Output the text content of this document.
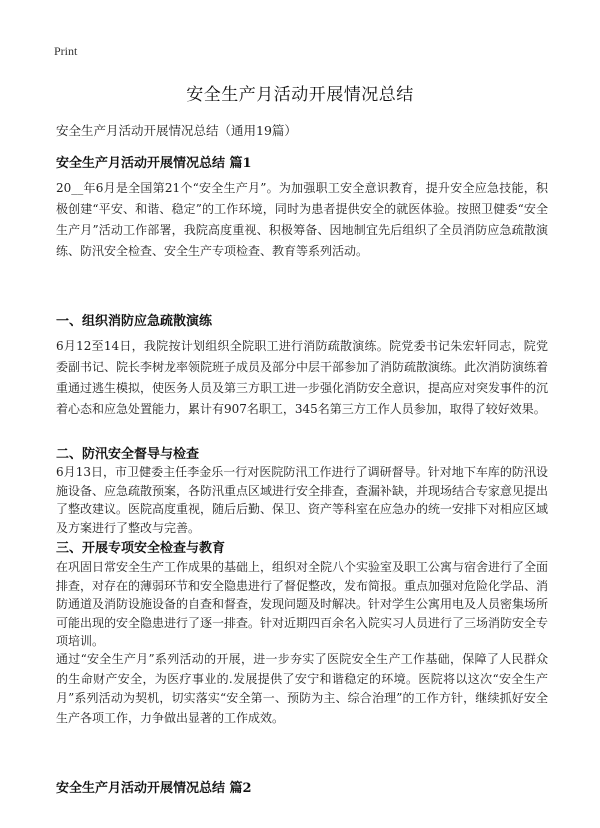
Print
安全生产月活动开展情况总结
安全生产月活动开展情况总结（通用19篇）
安全生产月活动开展情况总结 篇1

20__年6月是全国第21个“安全生产月”。为加强职工安全意识教育，提升安全应急技能，积极创建“平安、和谐、稳定”的工作环境，同时为患者提供安全的就医体验。按照卫健委“安全生产月”活动工作部署，我院高度重视、积极筹备、因地制宜先后组织了全员消防应急疏散演练、防汛安全检查、安全生产专项检查、教育等系列活动。

一、组织消防应急疏散演练

6月12至14日，我院按计划组织全院职工进行消防疏散演练。院党委书记朱宏轩同志，院党委副书记、院长李树龙率领院班子成员及部分中层干部参加了消防疏散演练。此次消防演练着重通过逃生模拟，使医务人员及第三方职工进一步强化消防安全意识，提高应对突发事件的沉着心态和应急处置能力，累计有907名职工，345名第三方工作人员参加，取得了较好效果。

二、防汛安全督导与检查

6月13日，市卫健委主任李金乐一行对医院防汛工作进行了调研督导。针对地下车库的防汛设施设备、应急疏散预案，各防汛重点区域进行安全排查，查漏补缺，并现场结合专家意见提出了整改建议。医院高度重视，随后后勤、保卫、资产等科室在应急办的统一安排下对相应区域及方案进行了整改与完善。

三、开展专项安全检查与教育

在巩固日常安全生产工作成果的基础上，组织对全院八个实验室及职工公寓与宿舍进行了全面排查，对存在的薄弱环节和安全隐患进行了督促整改，发布简报。重点加强对危险化学品、消防通道及消防设施设备的自查和督查，发现问题及时解决。针对学生公寓用电及人员密集场所可能出现的安全隐患进行了逐一排查。针对近期四百余名入院实习人员进行了三场消防安全专项培训。

通过“安全生产月”系列活动的开展，进一步夯实了医院安全生产工作基础，保障了人民群众的生命财产安全，为医疗事业的.发展提供了安宁和谐稳定的环境。医院将以这次“安全生产月”系列活动为契机，切实落实“安全第一、预防为主、综合治理”的工作方针，继续抓好安全生产各项工作，力争做出显著的工作成效。

安全生产月活动开展情况总结 篇2
